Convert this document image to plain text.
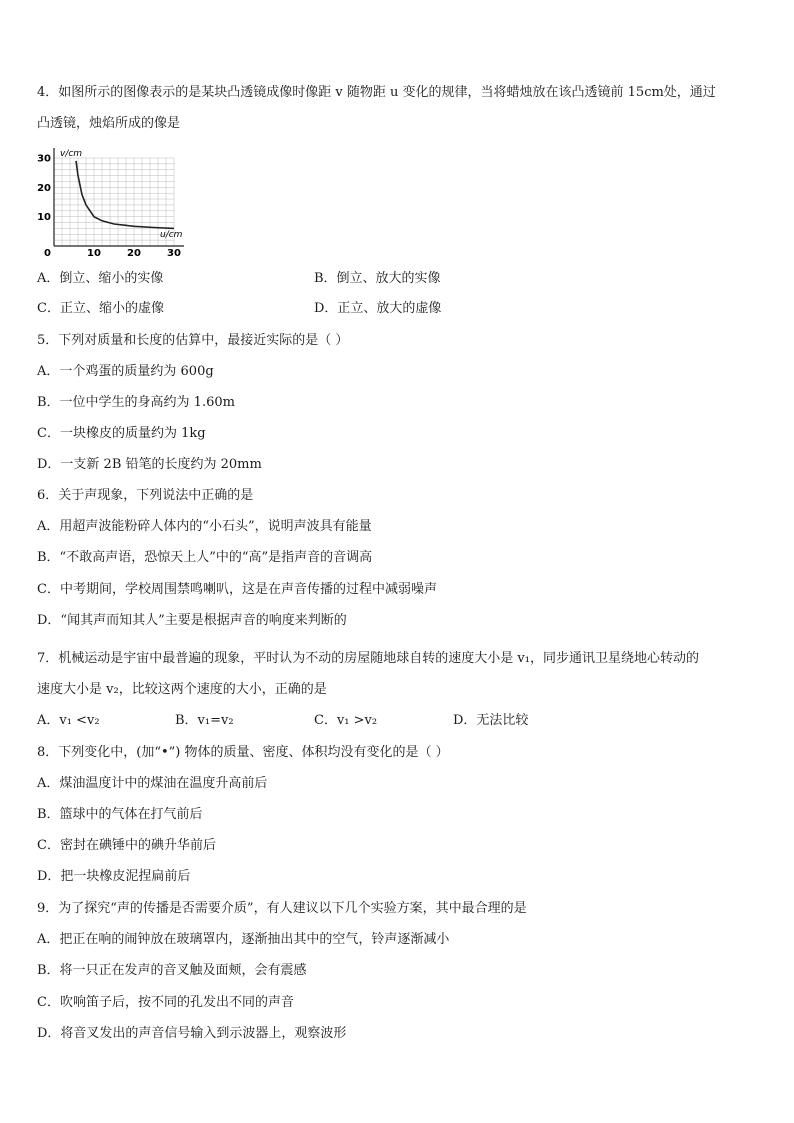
4．如图所示的图像表示的是某块凸透镜成像时像距 v 随物距 u 变化的规律，当将蜡烛放在该凸透镜前 15cm处，通过
凸透镜，烛焰所成的像是
0	10	20	30
10
20
30 v/cm
u/cm
A．倒立、缩小的实像	B．倒立、放大的实像
C．正立、缩小的虚像	D．正立、放大的虚像
5．下列对质量和长度的估算中，最接近实际的是（ ）
A．一个鸡蛋的质量约为 600g
B．一位中学生的身高约为 1.60m
C．一块橡皮的质量约为 1kg
D．一支新 2B 铅笔的长度约为 20mm
6．关于声现象，下列说法中正确的是
A．用超声波能粉碎人体内的“小石头”，说明声波具有能量
B．“不敢高声语，恐惊天上人”中的“高”是指声音的音调高
C．中考期间，学校周围禁鸣喇叭，这是在声音传播的过程中减弱噪声
D．“闻其声而知其人”主要是根据声音的响度来判断的
7．机械运动是宇宙中最普遍的现象，平时认为不动的房屋随地球自转的速度大小是 v₁，同步通讯卫星绕地心转动的
速度大小是 v₂，比较这两个速度的大小，正确的是
A．v₁ <v₂	B．v₁=v₂	C．v₁ >v₂	D．无法比较
8．下列变化中，(加“•”) 物体的质量、密度、体积均没有变化的是（ ）
A．煤油温度计中的煤油在温度升高前后
B．篮球中的气体在打气前后
C．密封在碘锤中的碘升华前后
D．把一块橡皮泥捏扁前后
9．为了探究“声的传播是否需要介质”，有人建议以下几个实验方案，其中最合理的是
A．把正在响的闹钟放在玻璃罩内，逐渐抽出其中的空气，铃声逐渐减小
B．将一只正在发声的音叉触及面颊，会有震感
C．吹响笛子后，按不同的孔发出不同的声音
D．将音叉发出的声音信号输入到示波器上，观察波形
